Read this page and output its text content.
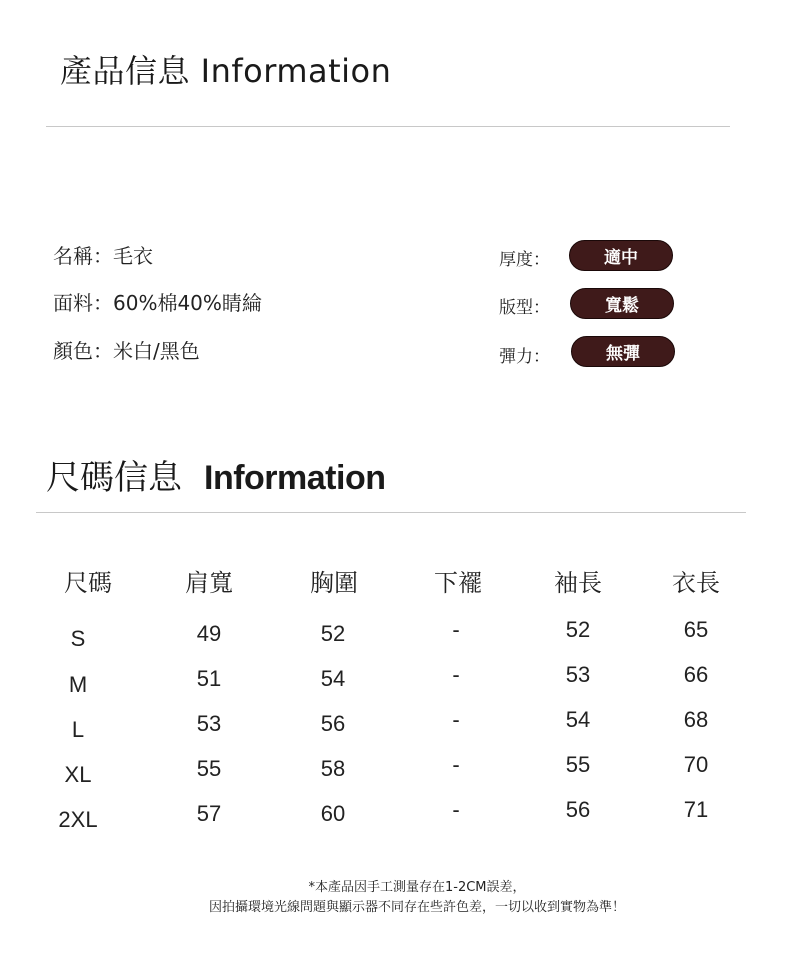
產品信息 Information
名稱：毛衣
面料：60%棉40%睛綸
顏色：米白/黑色
厚度：	適中
版型：	寬鬆
彈力：	無彈
尺碼信息 Information
尺碼	肩寬	胸圍	下襬	袖長	衣長
S	49	52	-	52	65
M	51	54	-	53	66
L	53	56	-	54	68
XL	55	58	-	55	70
2XL	57	60	-	56	71
*本產品因手工測量存在1-2CM誤差，
因拍攝環境光線問題與顯示器不同存在些許色差，一切以收到實物為準！
